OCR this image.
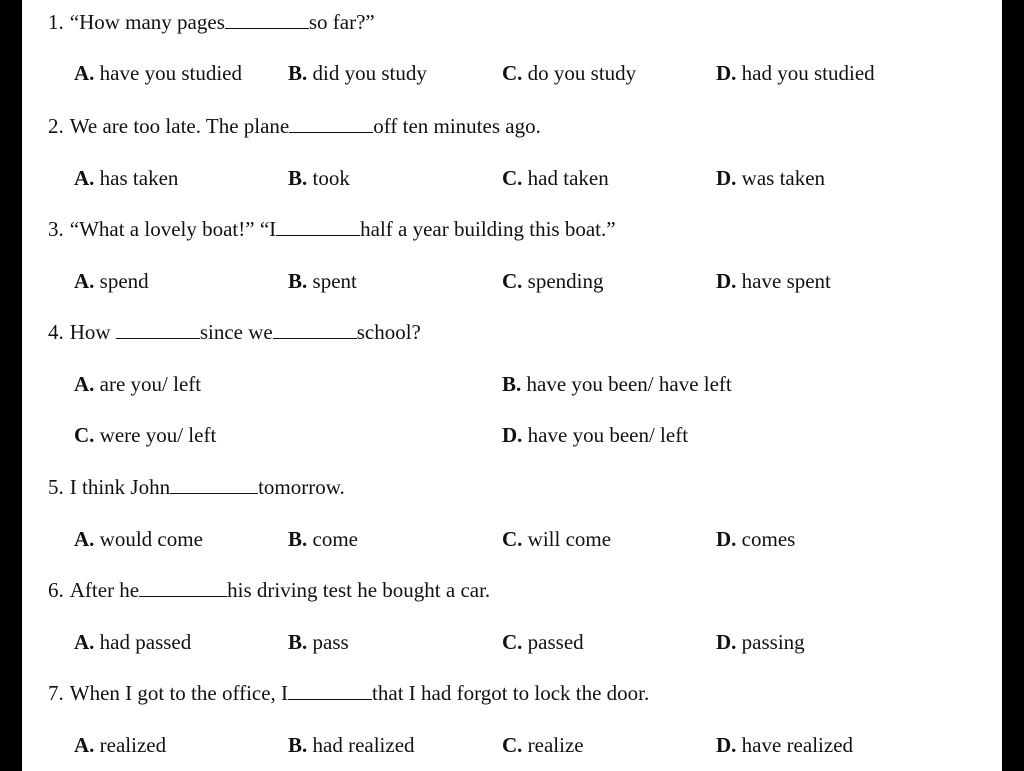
1. “How many pages	so far?”
A. have you studied B. did you study	C. do you study	D. had you studied
2. We are too late. The plane	off ten minutes ago.
A. has taken	B. took	C. had taken	D. was taken
3. “What a lovely boat!” “I	half a year building this boat.”
A. spend	B. spent	C. spending	D. have spent
4. How	since we	school?
A. are you/ left	B. have you been/ have left
C. were you/ left	D. have you been/ left
5. I think John	tomorrow.
A. would come	B. come	C. will come	D. comes
6. After he	his driving test he bought a car.
A. had passed	B. pass	C. passed	D. passing
7. When I got to the office, I	that I had forgot to lock the door.
A. realized	B. had realized	C. realize	D. have realized
